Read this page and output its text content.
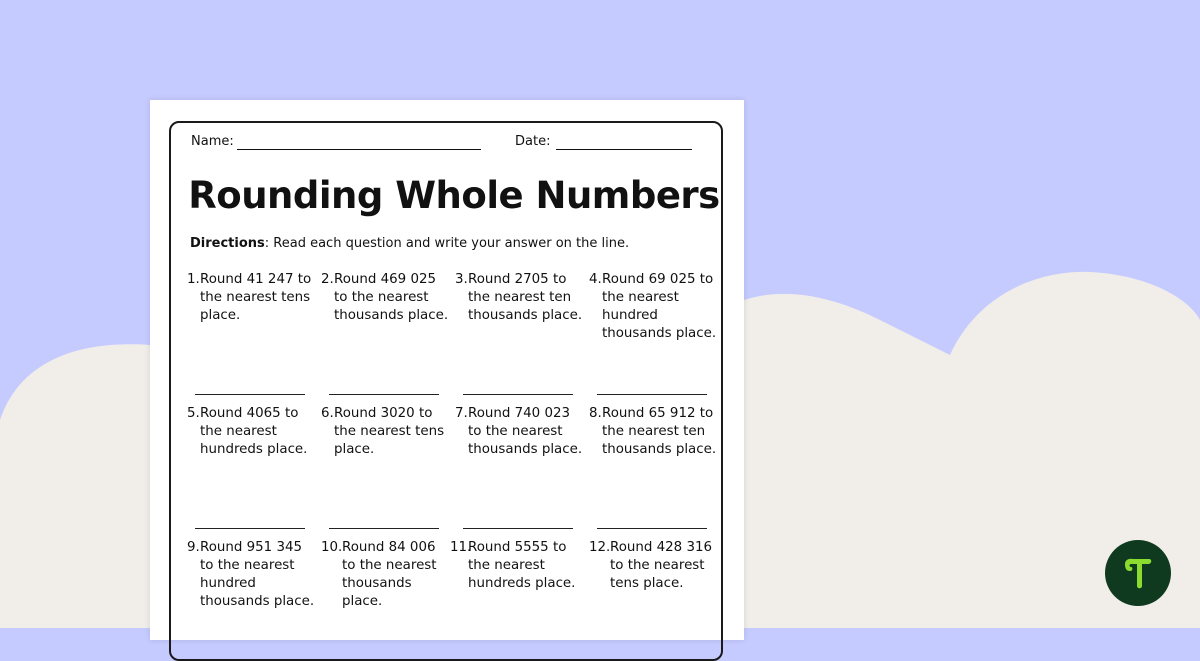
Name:	Date:
Rounding Whole Numbers
Directions: Read each question and write your answer on the line.
1. Round 41 247 to the nearest tens place.
2. Round 469 025 to the nearest thousands place.
3. Round 2705 to the nearest ten thousands place.
4. Round 69 025 to the nearest hundred thousands place.
5. Round 4065 to the nearest hundreds place.
6. Round 3020 to the nearest tens place.
7. Round 740 023 to the nearest thousands place.
8. Round 65 912 to the nearest ten thousands place.
9. Round 951 345 to the nearest hundred thousands place.
10. Round 84 006 to the nearest thousands place.
11.
Round 5555 to the nearest hundreds place.
12. Round 428 316 to the nearest tens place.
